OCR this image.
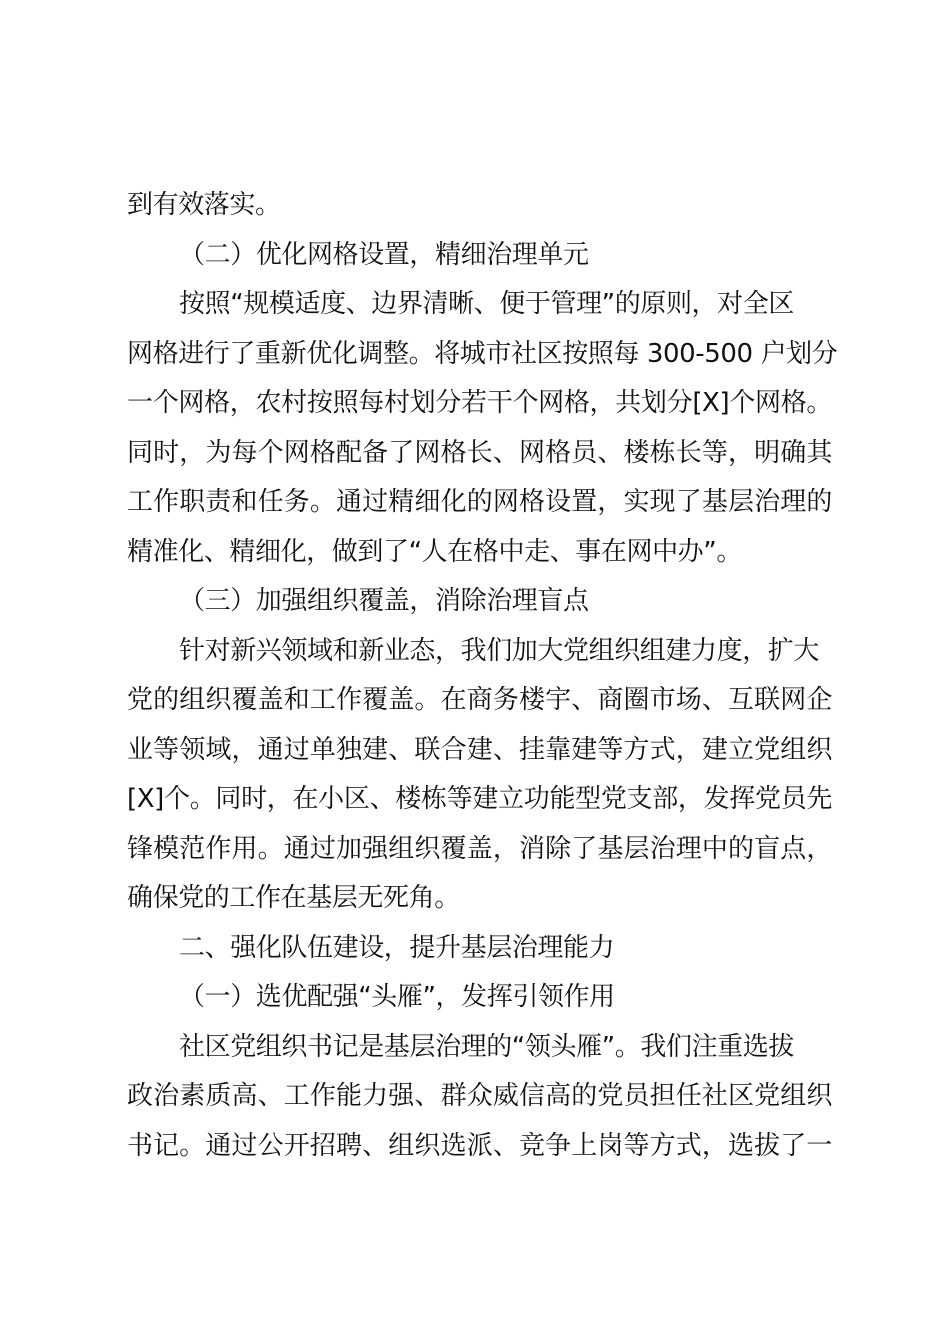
到有效落实。
（二）优化网格设置，精细治理单元
按照“规模适度、边界清晰、便于管理”的原则，对全区
网格进行了重新优化调整。将城市社区按照每 300-500 户划分
一个网格，农村按照每村划分若干个网格，共划分[X]个网格。
同时，为每个网格配备了网格长、网格员、楼栋长等，明确其
工作职责和任务。通过精细化的网格设置，实现了基层治理的
精准化、精细化，做到了“人在格中走、事在网中办”。
（三）加强组织覆盖，消除治理盲点
针对新兴领域和新业态，我们加大党组织组建力度，扩大
党的组织覆盖和工作覆盖。在商务楼宇、商圈市场、互联网企
业等领域，通过单独建、联合建、挂靠建等方式，建立党组织
[X]个。同时，在小区、楼栋等建立功能型党支部，发挥党员先
锋模范作用。通过加强组织覆盖，消除了基层治理中的盲点，
确保党的工作在基层无死角。
二、强化队伍建设，提升基层治理能力
（一）选优配强“头雁”，发挥引领作用
社区党组织书记是基层治理的“领头雁”。我们注重选拔
政治素质高、工作能力强、群众威信高的党员担任社区党组织
书记。通过公开招聘、组织选派、竞争上岗等方式，选拔了一
